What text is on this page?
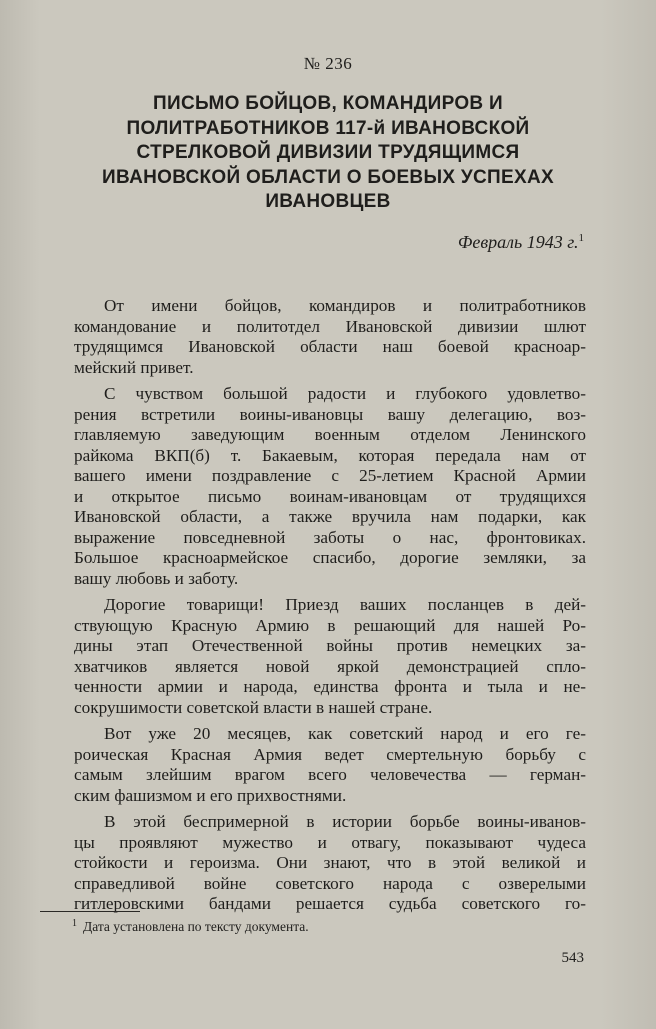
№ 236
ПИСЬМО БОЙЦОВ, КОМАНДИРОВ И
ПОЛИТРАБОТНИКОВ 117-й ИВАНОВСКОЙ
СТРЕЛКОВОЙ ДИВИЗИИ ТРУДЯЩИМСЯ
ИВАНОВСКОЙ ОБЛАСТИ О БОЕВЫХ УСПЕХАХ
ИВАНОВЦЕВ
Февраль 1943 г.$^1$
От имени бойцов, командиров и политработников
командование и политотдел Ивановской дивизии шлют
трудящимся Ивановской области наш боевой красноар-
мейский привет.
С чувством большой радости и глубокого удовлетво-
рения встретили воины-ивановцы вашу делегацию, воз-
главляемую заведующим военным отделом Ленинского
райкома ВКП(б) т. Бакаевым, которая передала нам от
вашего имени поздравление с 25-летием Красной Армии
и открытое письмо воинам-ивановцам от трудящихся
Ивановской области, а также вручила нам подарки, как
выражение повседневной заботы о нас, фронтовиках.
Большое красноармейское спасибо, дорогие земляки, за
вашу любовь и заботу.
Дорогие товарищи! Приезд ваших посланцев в дей-
ствующую Красную Армию в решающий для нашей Ро-
дины этап Отечественной войны против немецких за-
хватчиков является новой яркой демонстрацией спло-
ченности армии и народа, единства фронта и тыла и не-
сокрушимости советской власти в нашей стране.
Вот уже 20 месяцев, как советский народ и его ге-
роическая Красная Армия ведет смертельную борьбу с
самым злейшим врагом всего человечества — герман-
ским фашизмом и его прихвостнями.
В этой беспримерной в истории борьбе воины-иванов-
цы проявляют мужество и отвагу, показывают чудеса
стойкости и героизма. Они знают, что в этой великой и
справедливой войне советского народа с озверелыми
гитлеровскими бандами решается судьба советского го-
$^1$ Дата установлена по тексту документа.
543
